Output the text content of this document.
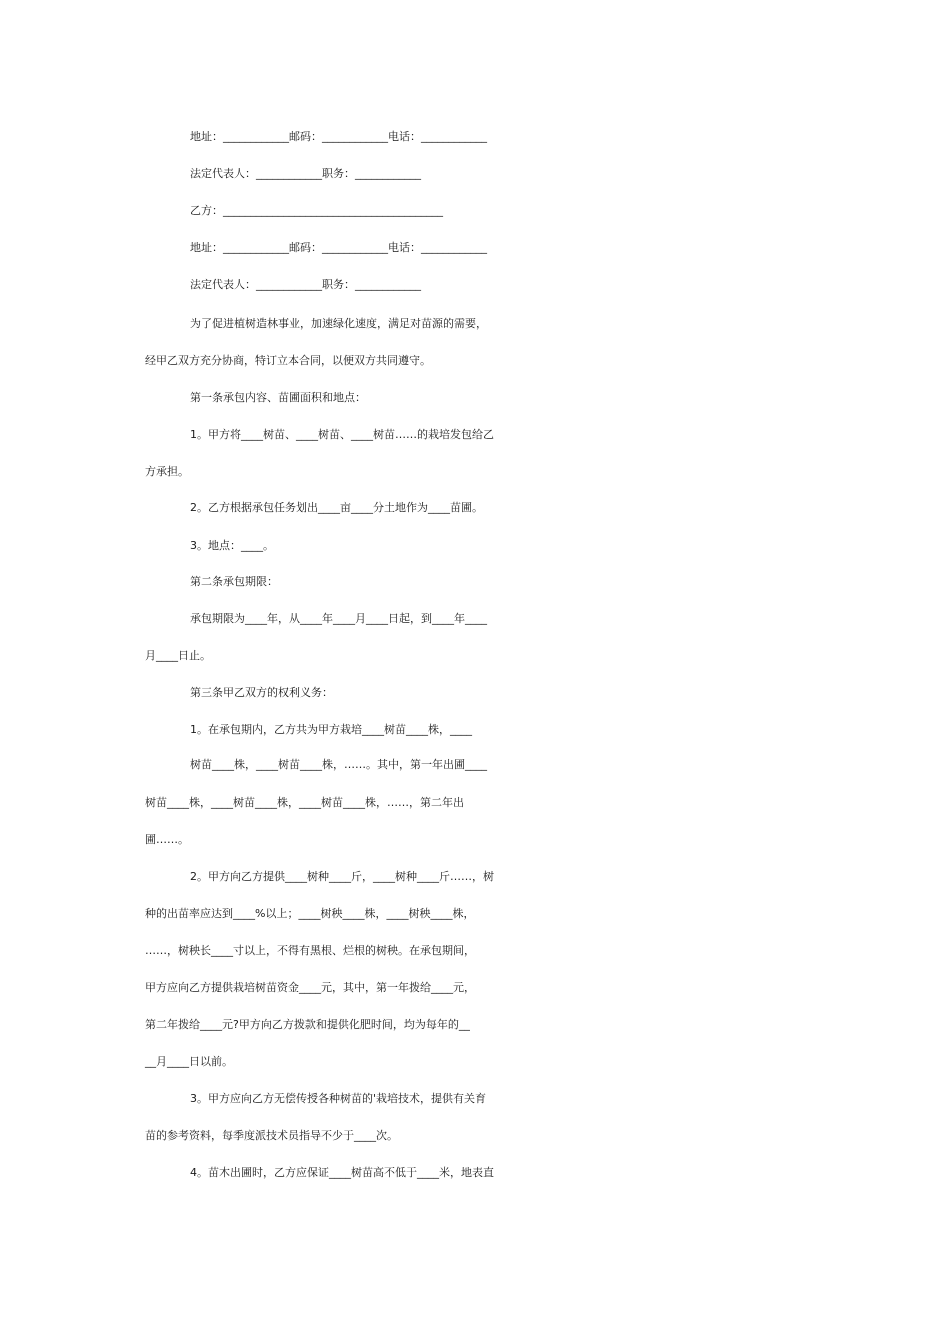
地址：____________邮码：____________电话：____________
法定代表人：____________职务：____________
乙方：________________________________________
地址：____________邮码：____________电话：____________
法定代表人：____________职务：____________
为了促进植树造林事业，加速绿化速度，满足对苗源的需要，
经甲乙双方充分协商，特订立本合同，以便双方共同遵守。
第一条承包内容、苗圃面积和地点：
1。甲方将____树苗、____树苗、____树苗……的栽培发包给乙
方承担。
2。乙方根据承包任务划出____亩____分土地作为____苗圃。
3。地点：____。
第二条承包期限：
承包期限为____年，从____年____月____日起，到____年____
月____日止。
第三条甲乙双方的权利义务：
1。在承包期内，乙方共为甲方栽培____树苗____株，____
树苗____株，____树苗____株，……。其中，第一年出圃____
树苗____株，____树苗____株，____树苗____株，……，第二年出
圃……。
2。甲方向乙方提供____树种____斤，____树种____斤……，树
种的出苗率应达到____%以上；____树秧____株，____树秧____株，
……，树秧长____寸以上，不得有黑根、烂根的树秧。在承包期间，
甲方应向乙方提供栽培树苗资金____元，其中，第一年拨给____元，
第二年拨给____元?甲方向乙方拨款和提供化肥时间，均为每年的__
__月____日以前。
3。甲方应向乙方无偿传授各种树苗的'栽培技术，提供有关育
苗的参考资料，每季度派技术员指导不少于____次。
4。苗木出圃时，乙方应保证____树苗高不低于____米，地表直
